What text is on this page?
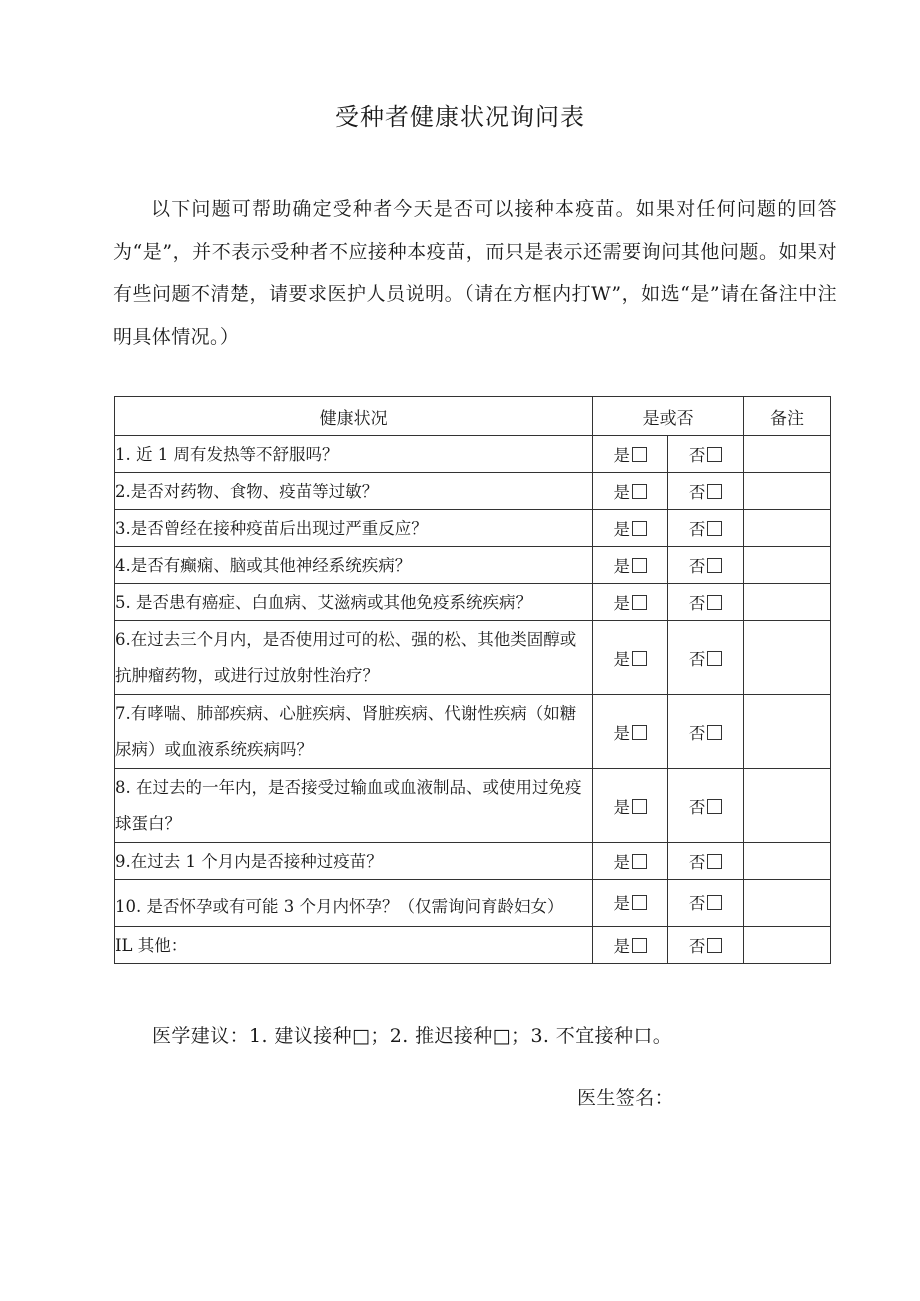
受种者健康状况询问表
以下问题可帮助确定受种者今天是否可以接种本疫苗。如果对任何问题的回答为“是”，并不表示受种者不应接种本疫苗，而只是表示还需要询问其他问题。如果对有些问题不清楚，请要求医护人员说明。（请在方框内打W”，如选“是”请在备注中注明具体情况。）
健康状况	是或否		备注
1. 近 1 周有发热等不舒服吗？	是	否	
2.是否对药物、食物、疫苗等过敏？	是	否	
3.是否曾经在接种疫苗后出现过严重反应？	是	否	
4.是否有癫痫、脑或其他神经系统疾病？	是	否	
5. 是否患有癌症、白血病、艾滋病或其他免疫系统疾病？	是	否	
6.在过去三个月内，是否使用过可的松、强的松、其他类固醇或抗肿瘤药物，或进行过放射性治疗？	是	否	
7.有哮喘、肺部疾病、心脏疾病、肾脏疾病、代谢性疾病（如糖尿病）或血液系统疾病吗？	是	否	
8. 在过去的一年内，是否接受过输血或血液制品、或使用过免疫球蛋白？	是	否	
9.在过去 1 个月内是否接种过疫苗？	是	否	
10. 是否怀孕或有可能 3 个月内怀孕？（仅需询问育龄妇女）	是	否	
IL 其他：	是	否	
医学建议：1. 建议接种□；2. 推迟接种□；3. 不宜接种口。
医生签名：
